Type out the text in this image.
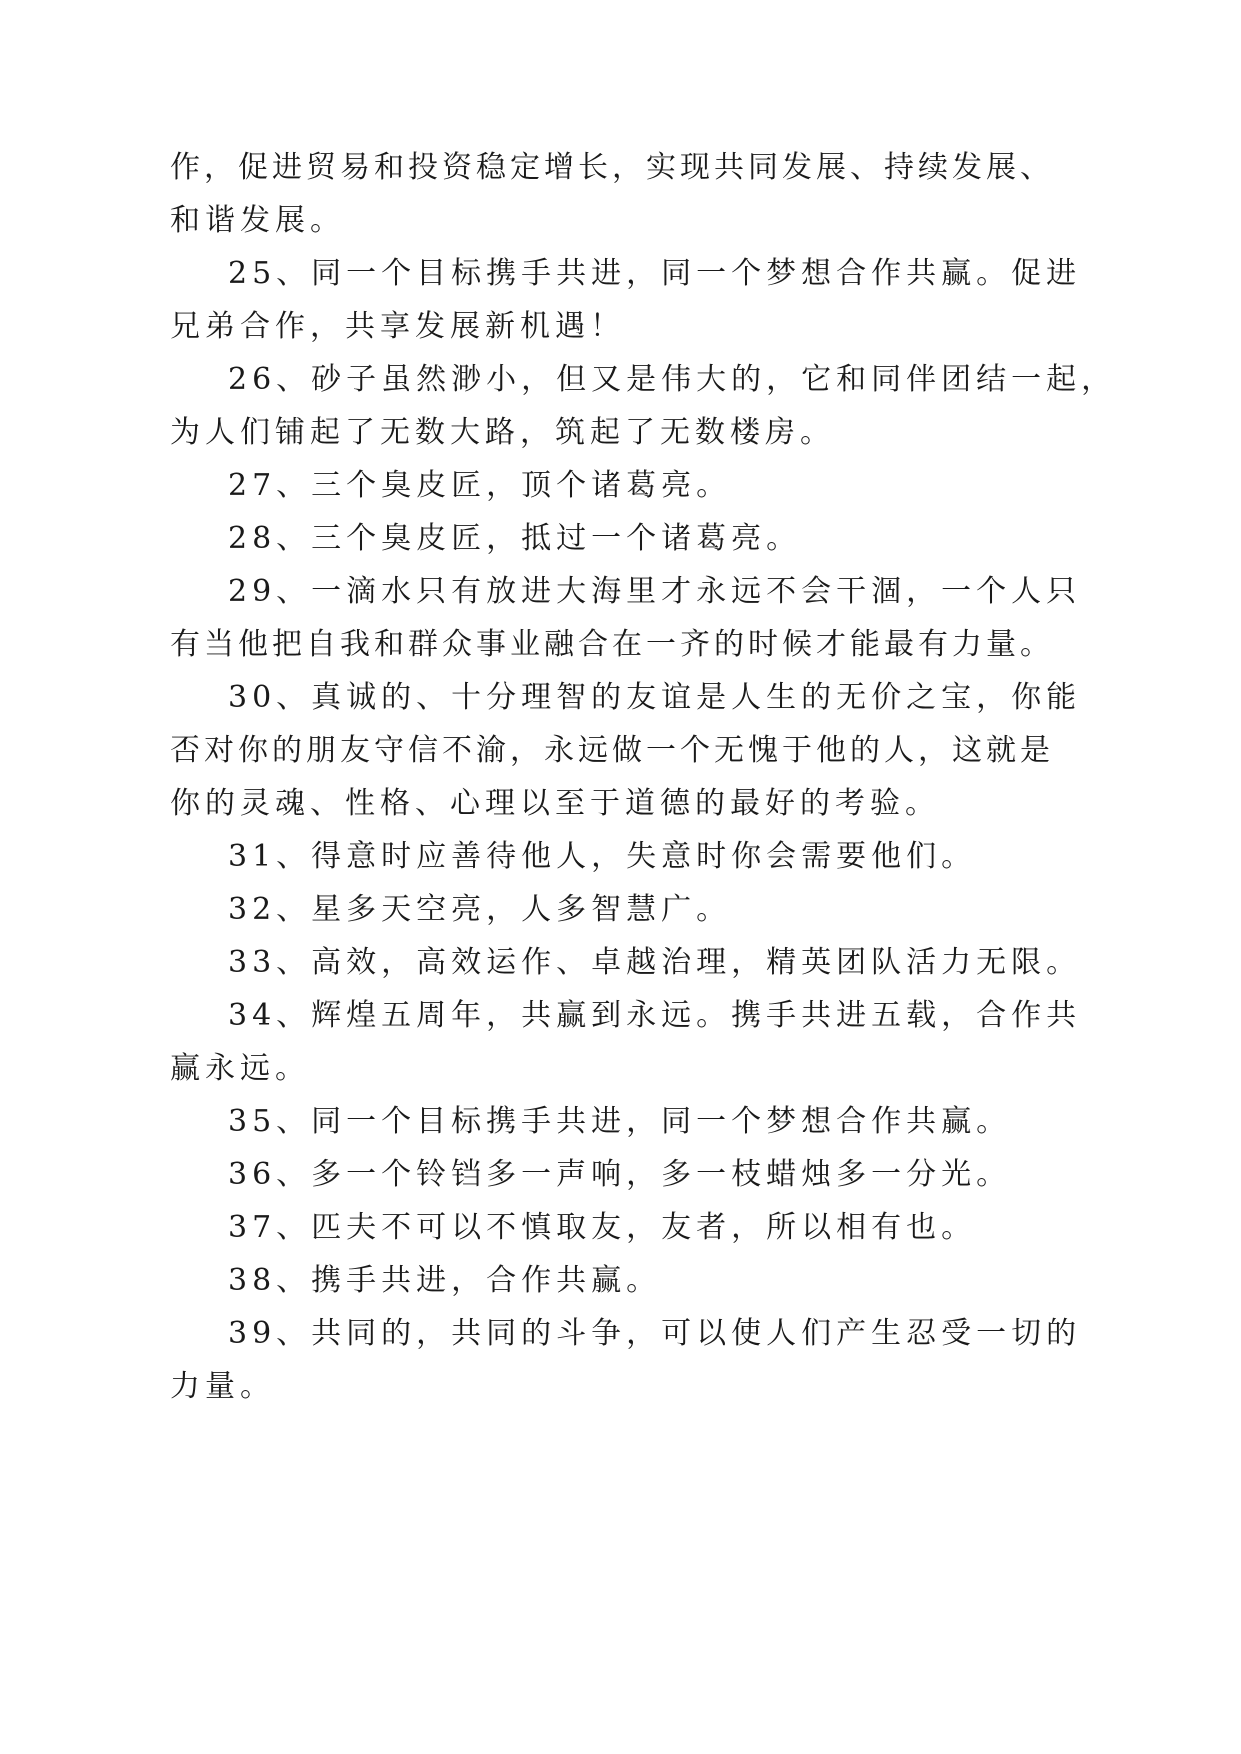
作，促进贸易和投资稳定增长，实现共同发展、持续发展、
和谐发展。
25、同一个目标携手共进，同一个梦想合作共赢。促进
兄弟合作，共享发展新机遇！
26、砂子虽然渺小，但又是伟大的，它和同伴团结一起，
为人们铺起了无数大路，筑起了无数楼房。
27、三个臭皮匠，顶个诸葛亮。
28、三个臭皮匠，抵过一个诸葛亮。
29、一滴水只有放进大海里才永远不会干涸，一个人只
有当他把自我和群众事业融合在一齐的时候才能最有力量。
30、真诚的、十分理智的友谊是人生的无价之宝，你能
否对你的朋友守信不渝，永远做一个无愧于他的人，这就是
你的灵魂、性格、心理以至于道德的最好的考验。
31、得意时应善待他人，失意时你会需要他们。
32、星多天空亮，人多智慧广。
33、高效，高效运作、卓越治理，精英团队活力无限。
34、辉煌五周年，共赢到永远。携手共进五载，合作共
赢永远。
35、同一个目标携手共进，同一个梦想合作共赢。
36、多一个铃铛多一声响，多一枝蜡烛多一分光。
37、匹夫不可以不慎取友，友者，所以相有也。
38、携手共进，合作共赢。
39、共同的，共同的斗争，可以使人们产生忍受一切的
力量。
